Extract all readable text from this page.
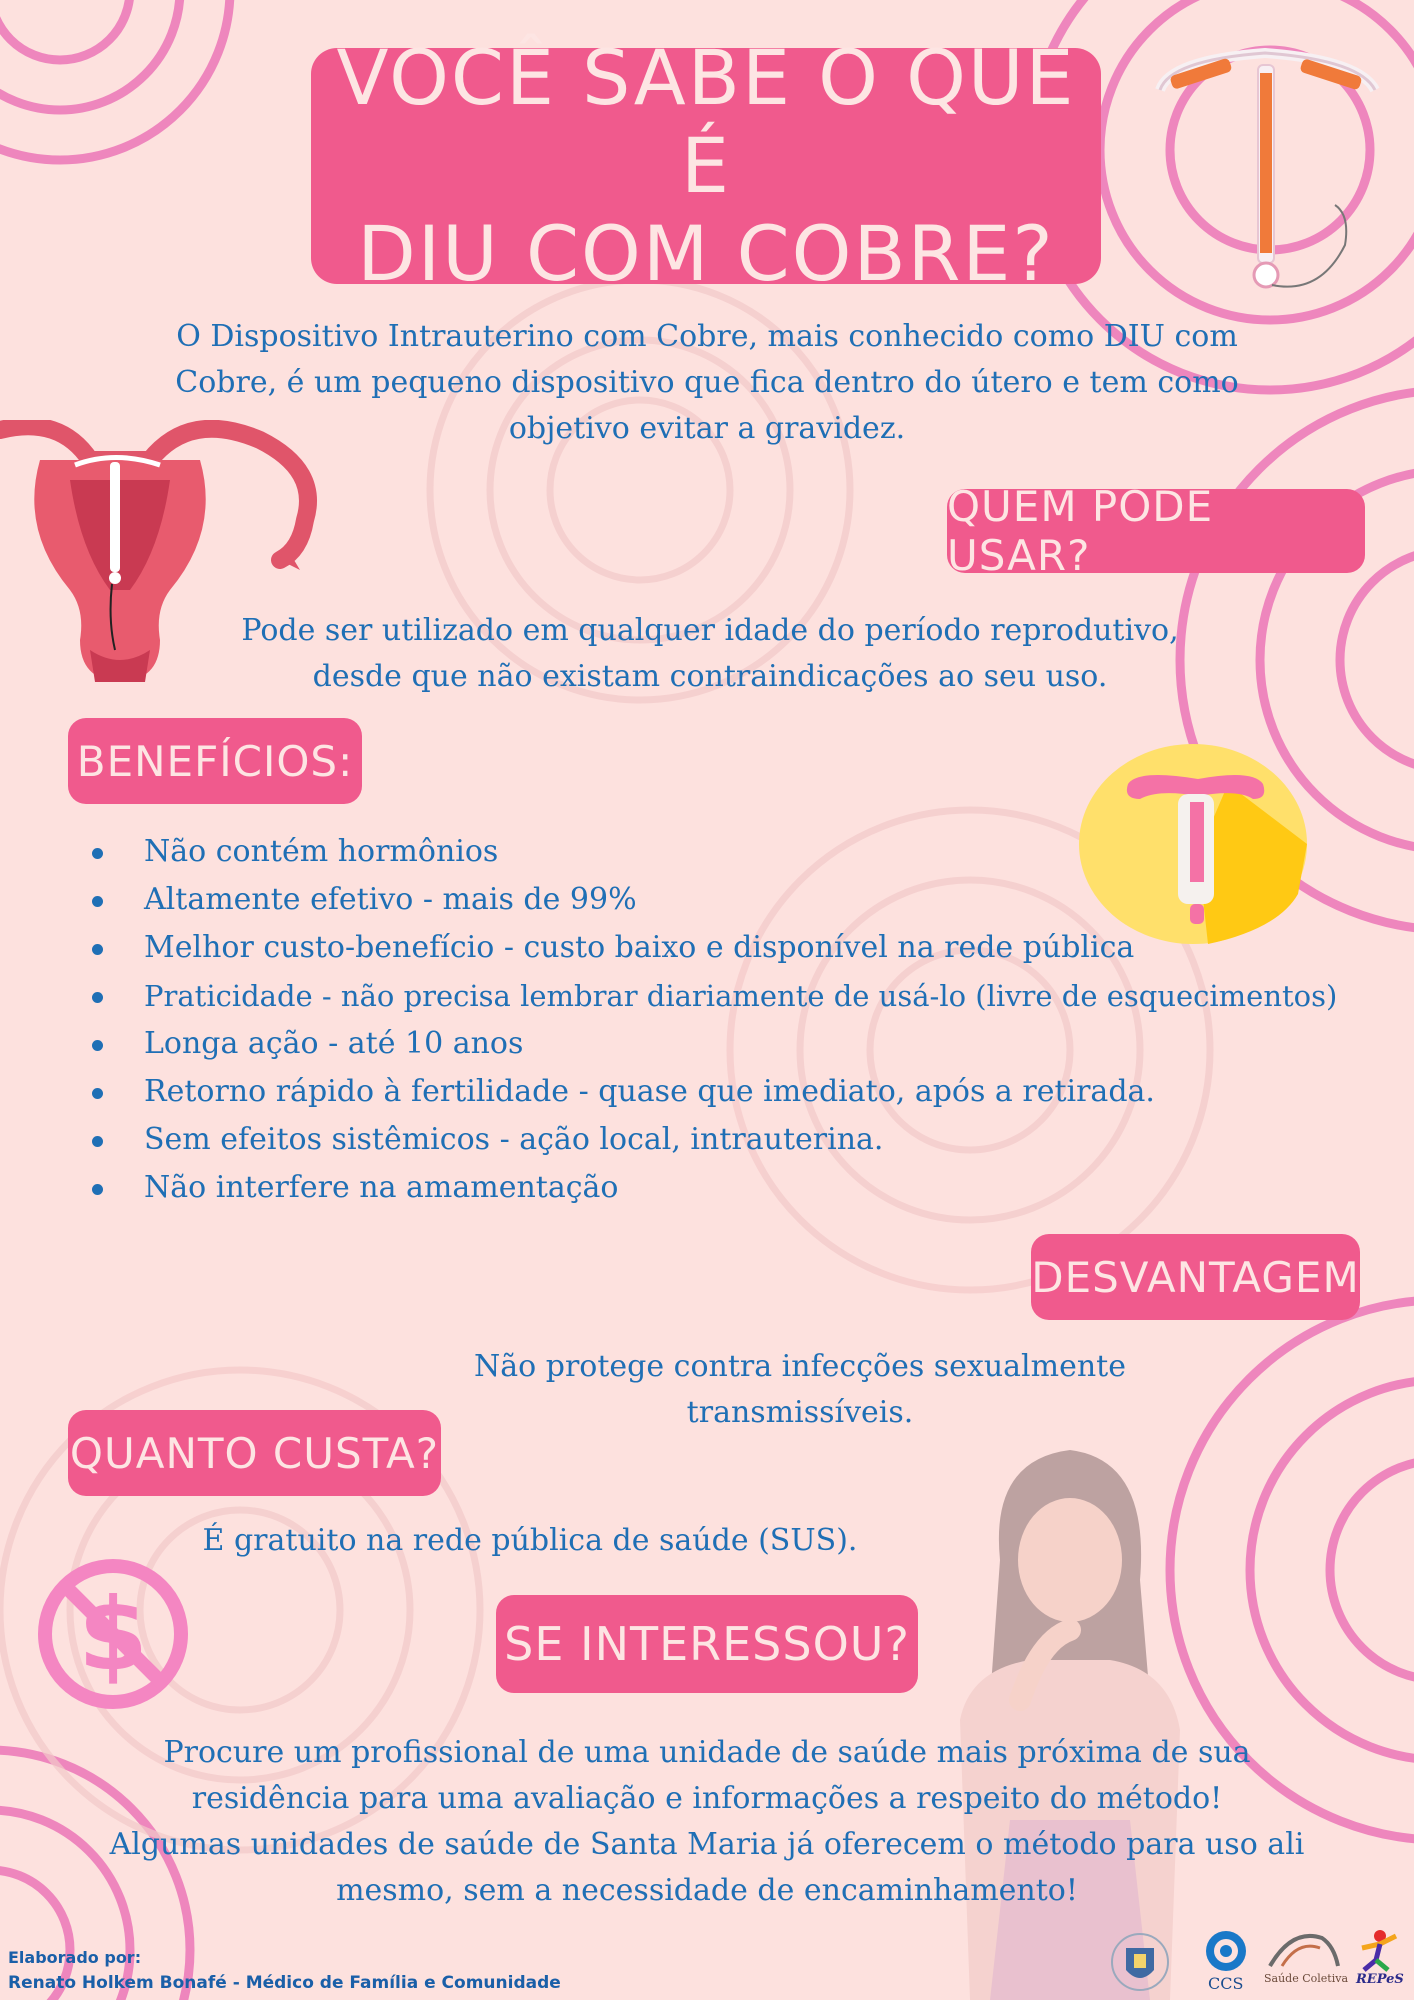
VOCÊ SABE O QUE É
DIU COM COBRE?
O Dispositivo Intrauterino com Cobre, mais conhecido como DIU com
Cobre, é um pequeno dispositivo que fica dentro do útero e tem como
objetivo evitar a gravidez.
QUEM PODE USAR?
Pode ser utilizado em qualquer idade do período reprodutivo,
desde que não existam contraindicações ao seu uso.
BENEFÍCIOS:
Não contém hormônios
Altamente efetivo - mais de 99%
Melhor custo-benefício - custo baixo e disponível na rede pública
Praticidade - não precisa lembrar diariamente de usá-lo (livre de esquecimentos)
Longa ação - até 10 anos
Retorno rápido à fertilidade - quase que imediato, após a retirada.
Sem efeitos sistêmicos - ação local, intrauterina.
Não interfere na amamentação
DESVANTAGEM
Não protege contra infecções sexualmente transmissíveis.
QUANTO CUSTA?
É gratuito na rede pública de saúde (SUS).
$	SE INTERESSOU?
Procure um profissional de uma unidade de saúde mais próxima de sua
residência para uma avaliação e informações a respeito do método!
Algumas unidades de saúde de Santa Maria já oferecem o método para uso ali
mesmo, sem a necessidade de encaminhamento!
Elaborado por:
Renato Holkem Bonafé - Médico de Família e Comunidade	CCS Saúde Coletiva REPeS
